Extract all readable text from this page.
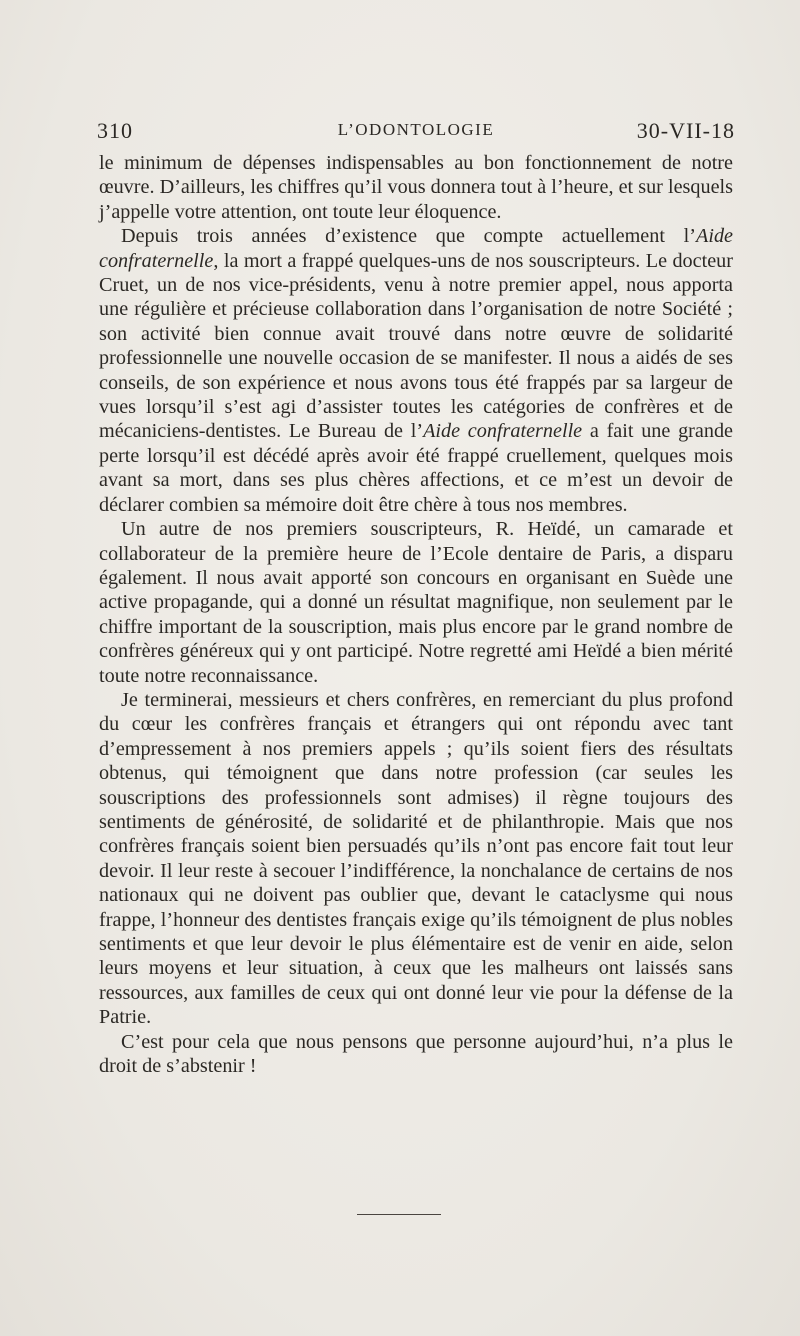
310	L’ODONTOLOGIE	30-VII-18

le minimum de dépenses indispensables au bon fonctionnement de notre œuvre. D’ailleurs, les chiffres qu’il vous donnera tout à l’heure, et sur lesquels j’appelle votre attention, ont toute leur éloquence.

Depuis trois années d’existence que compte actuellement l’Aide confraternelle, la mort a frappé quelques-uns de nos souscripteurs. Le docteur Cruet, un de nos vice-présidents, venu à notre premier appel, nous apporta une régulière et précieuse collaboration dans l’organisation de notre Société ; son activité bien connue avait trouvé dans notre œuvre de solidarité professionnelle une nouvelle occasion de se manifester. Il nous a aidés de ses conseils, de son expérience et nous avons tous été frappés par sa largeur de vues lorsqu’il s’est agi d’assister toutes les catégories de confrères et de mécaniciens-dentistes. Le Bureau de l’Aide confraternelle a fait une grande perte lorsqu’il est décédé après avoir été frappé cruellement, quelques mois avant sa mort, dans ses plus chères affections, et ce m’est un devoir de déclarer combien sa mémoire doit être chère à tous nos membres.

Un autre de nos premiers souscripteurs, R. Heïdé, un camarade et collaborateur de la première heure de l’Ecole dentaire de Paris, a disparu également. Il nous avait apporté son concours en organisant en Suède une active propagande, qui a donné un résultat magnifique, non seulement par le chiffre important de la souscription, mais plus encore par le grand nombre de confrères généreux qui y ont participé. Notre regretté ami Heïdé a bien mérité toute notre reconnaissance.

Je terminerai, messieurs et chers confrères, en remerciant du plus profond du cœur les confrères français et étrangers qui ont répondu avec tant d’empressement à nos premiers appels ; qu’ils soient fiers des résultats obtenus, qui témoignent que dans notre profession (car seules les souscriptions des professionnels sont admises) il règne toujours des sentiments de générosité, de solidarité et de philanthropie. Mais que nos confrères français soient bien persuadés qu’ils n’ont pas encore fait tout leur devoir. Il leur reste à secouer l’indifférence, la nonchalance de certains de nos nationaux qui ne doivent pas oublier que, devant le cataclysme qui nous frappe, l’honneur des dentistes français exige qu’ils témoignent de plus nobles sentiments et que leur devoir le plus élémentaire est de venir en aide, selon leurs moyens et leur situation, à ceux que les malheurs ont laissés sans ressources, aux familles de ceux qui ont donné leur vie pour la défense de la Patrie.

C’est pour cela que nous pensons que personne aujourd’hui, n’a plus le droit de s’abstenir !
